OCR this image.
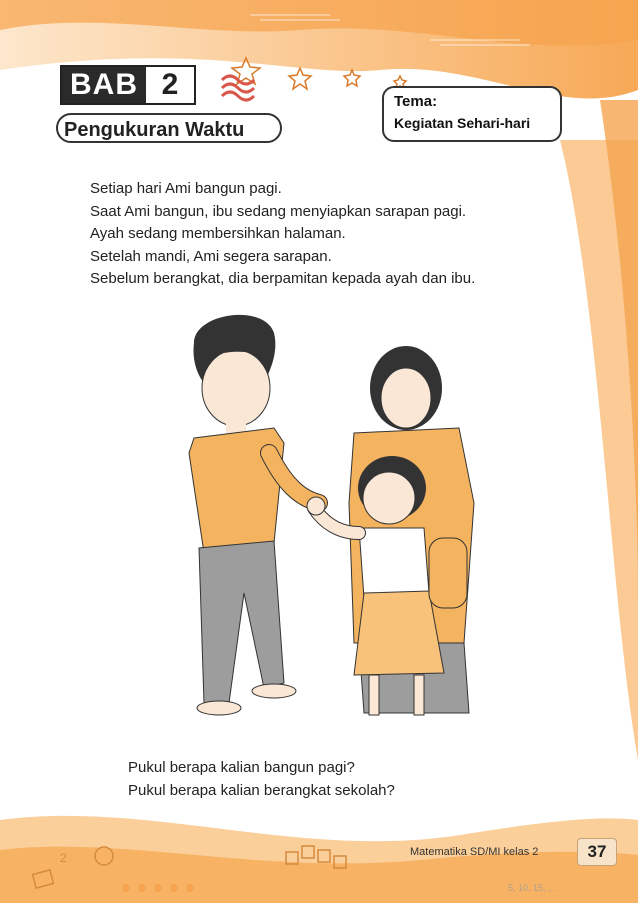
2
BAB 2
Pengukuran Waktu
Tema:
Kegiatan Sehari-hari
Setiap hari Ami bangun pagi.
Saat Ami bangun, ibu sedang menyiapkan sarapan pagi.
Ayah sedang membersihkan halaman.
Setelah mandi, Ami segera sarapan.
Sebelum berangkat, dia berpamitan kepada ayah dan ibu.
Pukul berapa kalian bangun pagi?
Pukul berapa kalian berangkat sekolah?
Matematika SD/MI kelas 2	37
5, 10, 15, ...
